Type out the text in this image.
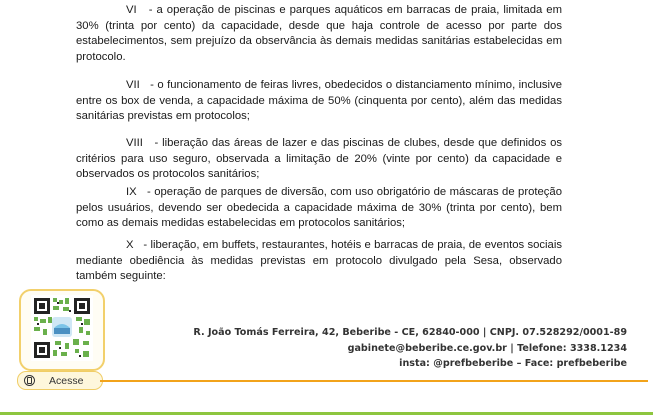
VI - a operação de piscinas e parques aquáticos em barracas de praia, limitada em 30% (trinta por cento) da capacidade, desde que haja controle de acesso por parte dos estabelecimentos, sem prejuízo da observância às demais medidas sanitárias estabelecidas em protocolo.

VII - o funcionamento de feiras livres, obedecidos o distanciamento mínimo, inclusive entre os box de venda, a capacidade máxima de 50% (cinquenta por cento), além das medidas sanitárias previstas em protocolos;

VIII - liberação das áreas de lazer e das piscinas de clubes, desde que definidos os critérios para uso seguro, observada a limitação de 20% (vinte por cento) da capacidade e observados os protocolos sanitários;

IX - operação de parques de diversão, com uso obrigatório de máscaras de proteção pelos usuários, devendo ser obedecida a capacidade máxima de 30% (trinta por cento), bem como as demais medidas estabelecidas em protocolos sanitários;

X - liberação, em buffets, restaurantes, hotéis e barracas de praia, de eventos sociais mediante obediência às medidas previstas em protocolo divulgado pela Sesa, observado também seguinte:

R. João Tomás Ferreira, 42, Beberibe - CE, 62840-000 | CNPJ. 07.528292/0001-89
gabinete@beberibe.ce.gov.br | Telefone: 3338.1234
insta: @prefbeberibe – Face: prefbeberibe
Acesse
